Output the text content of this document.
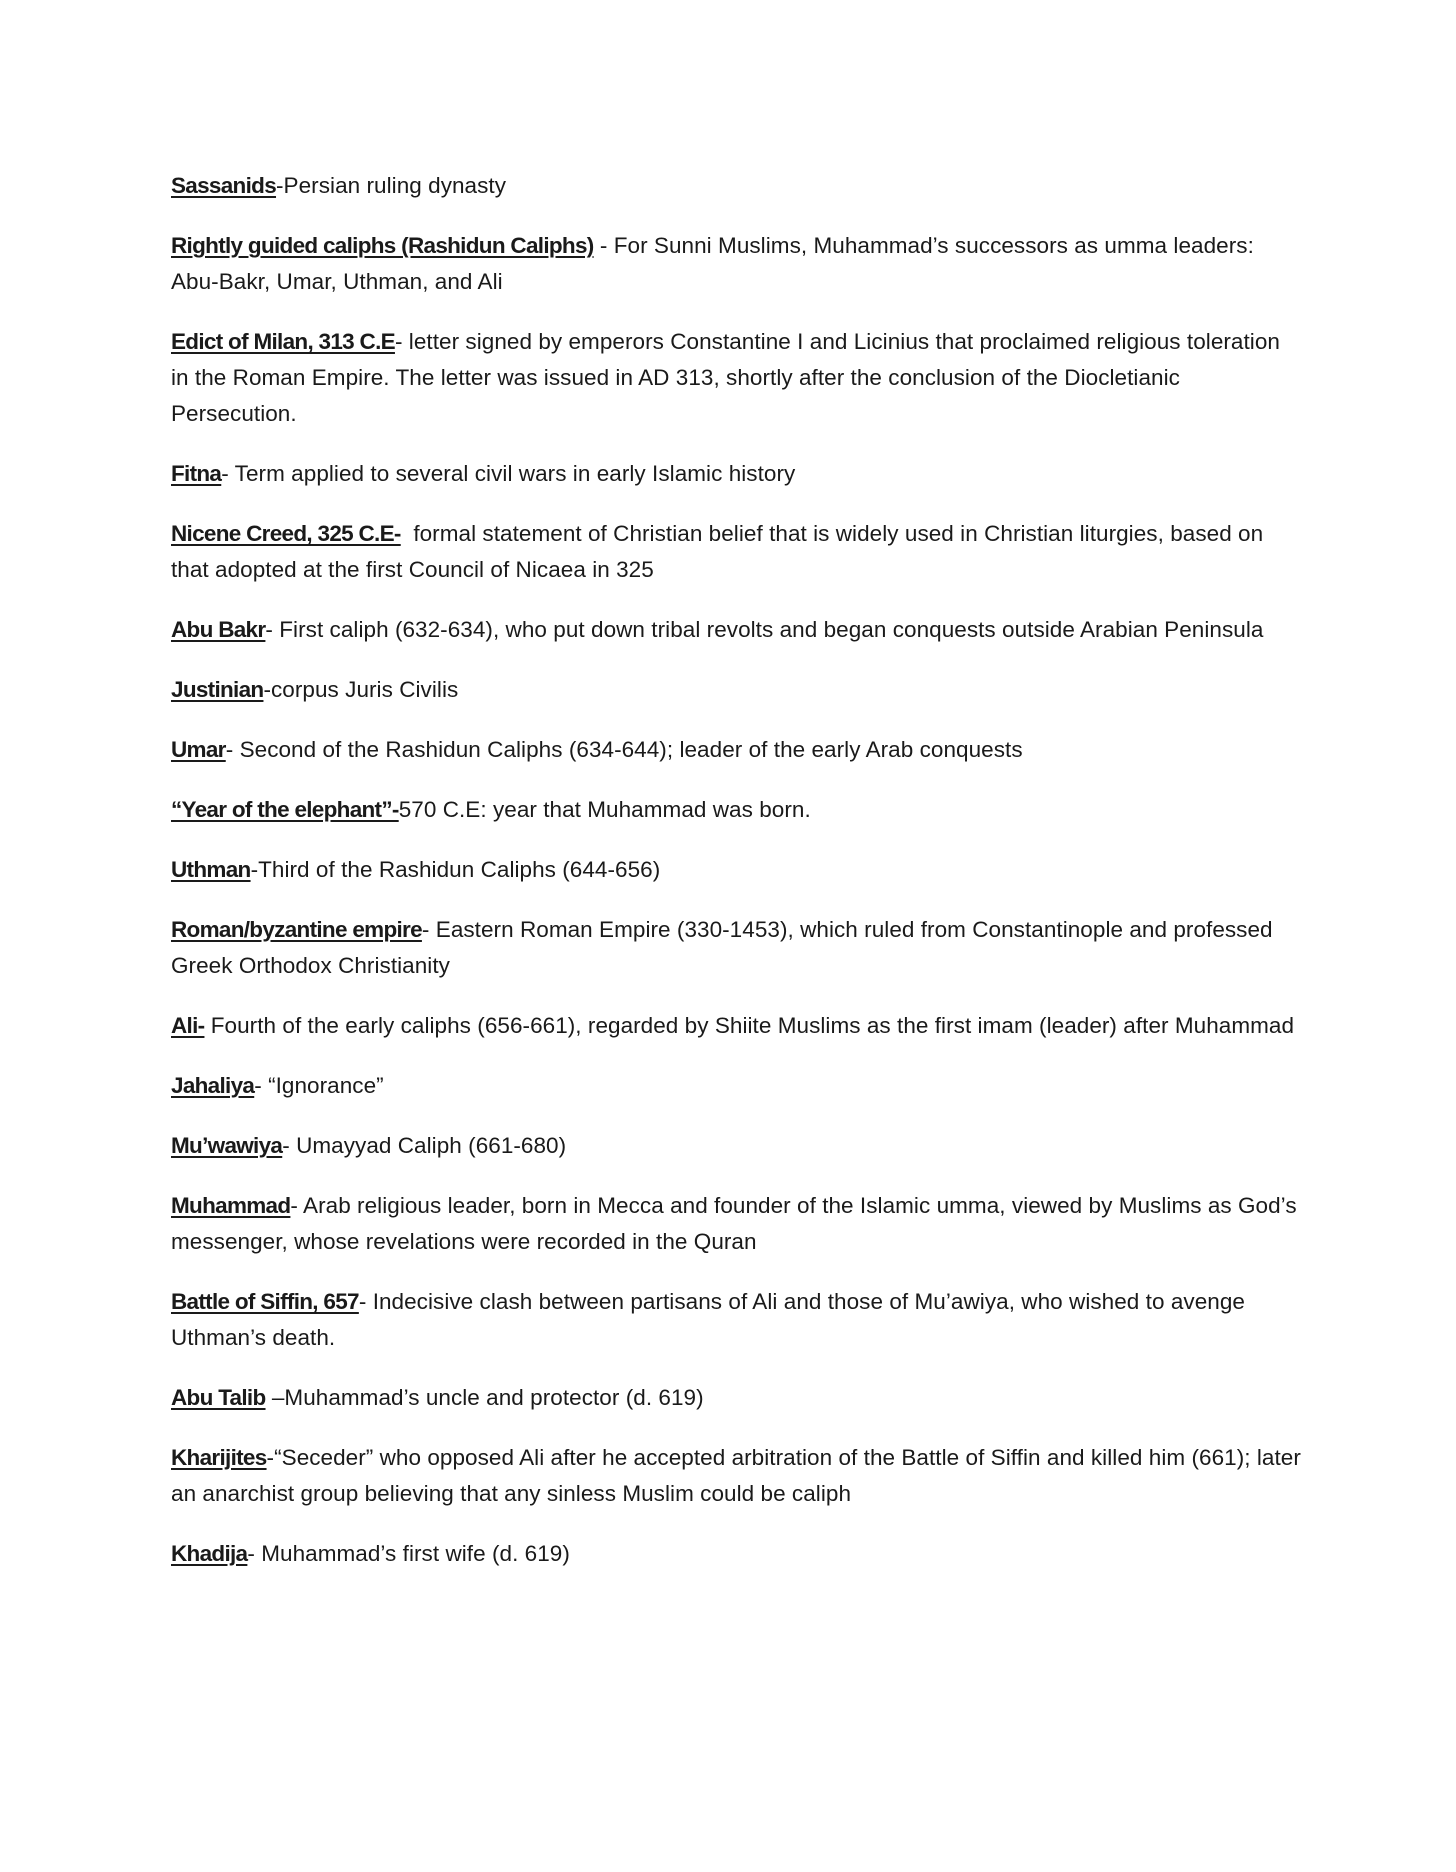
Sassanids-Persian ruling dynasty

Rightly guided caliphs (Rashidun Caliphs) - For Sunni Muslims, Muhammad’s successors as umma leaders: Abu-Bakr, Umar, Uthman, and Ali

Edict of Milan, 313 C.E- letter signed by emperors Constantine I and Licinius that proclaimed religious toleration in the Roman Empire. The letter was issued in AD 313, shortly after the conclusion of the Diocletianic Persecution.

Fitna- Term applied to several civil wars in early Islamic history

Nicene Creed, 325 C.E-  formal statement of Christian belief that is widely used in Christian liturgies, based on that adopted at the first Council of Nicaea in 325

Abu Bakr- First caliph (632-634), who put down tribal revolts and began conquests outside Arabian Peninsula

Justinian-corpus Juris Civilis

Umar- Second of the Rashidun Caliphs (634-644); leader of the early Arab conquests

“Year of the elephant”-570 C.E: year that Muhammad was born.

Uthman-Third of the Rashidun Caliphs (644-656)

Roman/byzantine empire- Eastern Roman Empire (330-1453), which ruled from Constantinople and professed Greek Orthodox Christianity

Ali- Fourth of the early caliphs (656-661), regarded by Shiite Muslims as the first imam (leader) after Muhammad

Jahaliya- “Ignorance”

Mu’wawiya- Umayyad Caliph (661-680)

Muhammad- Arab religious leader, born in Mecca and founder of the Islamic umma, viewed by Muslims as God’s messenger, whose revelations were recorded in the Quran

Battle of Siffin, 657- Indecisive clash between partisans of Ali and those of Mu’awiya, who wished to avenge Uthman’s death.

Abu Talib –Muhammad’s uncle and protector (d. 619)

Kharijites-“Seceder” who opposed Ali after he accepted arbitration of the Battle of Siffin and killed him (661); later an anarchist group believing that any sinless Muslim could be caliph

Khadija- Muhammad’s first wife (d. 619)
